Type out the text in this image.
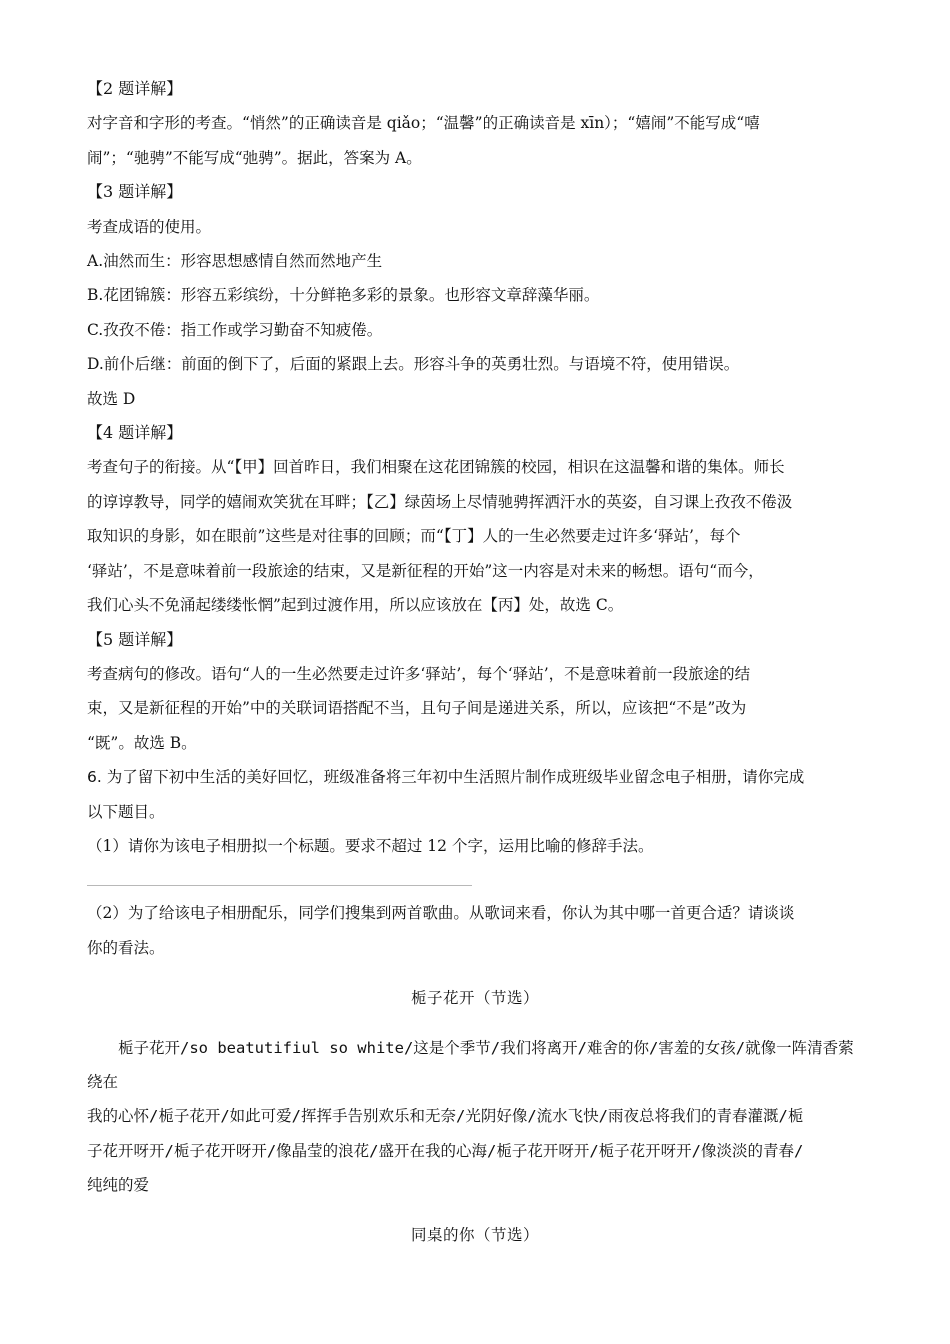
【2 题详解】

对字音和字形的考查。“悄然”的正确读音是 qiǎo；“温馨”的正确读音是 xīn）；“嬉闹”不能写成“嘻

闹”；“驰骋”不能写成“弛骋”。据此，答案为 A。

【3 题详解】

考查成语的使用。

A.油然而生：形容思想感情自然而然地产生

B.花团锦簇：形容五彩缤纷，十分鲜艳多彩的景象。也形容文章辞藻华丽。

C.孜孜不倦：指工作或学习勤奋不知疲倦。

D.前仆后继：前面的倒下了，后面的紧跟上去。形容斗争的英勇壮烈。与语境不符，使用错误。

故选 D

【4 题详解】

考查句子的衔接。从“【甲】回首昨日，我们相聚在这花团锦簇的校园，相识在这温馨和谐的集体。师长

的谆谆教导，同学的嬉闹欢笑犹在耳畔；【乙】绿茵场上尽情驰骋挥洒汗水的英姿，自习课上孜孜不倦汲

取知识的身影，如在眼前”这些是对往事的回顾；而“【丁】人的一生必然要走过许多‘驿站’，每个

‘驿站’，不是意味着前一段旅途的结束，又是新征程的开始”这一内容是对未来的畅想。语句“而今，

我们心头不免涌起缕缕怅惘”起到过渡作用，所以应该放在【丙】处，故选 C。

【5 题详解】

考查病句的修改。语句“人的一生必然要走过许多‘驿站’，每个‘驿站’，不是意味着前一段旅途的结

束，又是新征程的开始”中的关联词语搭配不当，且句子间是递进关系，所以，应该把“不是”改为

“既”。故选 B。

6. 为了留下初中生活的美好回忆，班级准备将三年初中生活照片制作成班级毕业留念电子相册，请你完成

以下题目。

（1）请你为该电子相册拟一个标题。要求不超过 12 个字，运用比喻的修辞手法。

（2）为了给该电子相册配乐，同学们搜集到两首歌曲。从歌词来看，你认为其中哪一首更合适？请谈谈

你的看法。

栀子花开（节选）

栀子花开/so beatutifiul so white/这是个季节/我们将离开/难舍的你/害羞的女孩/就像一阵清香萦绕在

我的心怀/栀子花开/如此可爱/挥挥手告别欢乐和无奈/光阴好像/流水飞快/雨夜总将我们的青春灌溉/栀

子花开呀开/栀子花开呀开/像晶莹的浪花/盛开在我的心海/栀子花开呀开/栀子花开呀开/像淡淡的青春/

纯纯的爱

同桌的你（节选）
